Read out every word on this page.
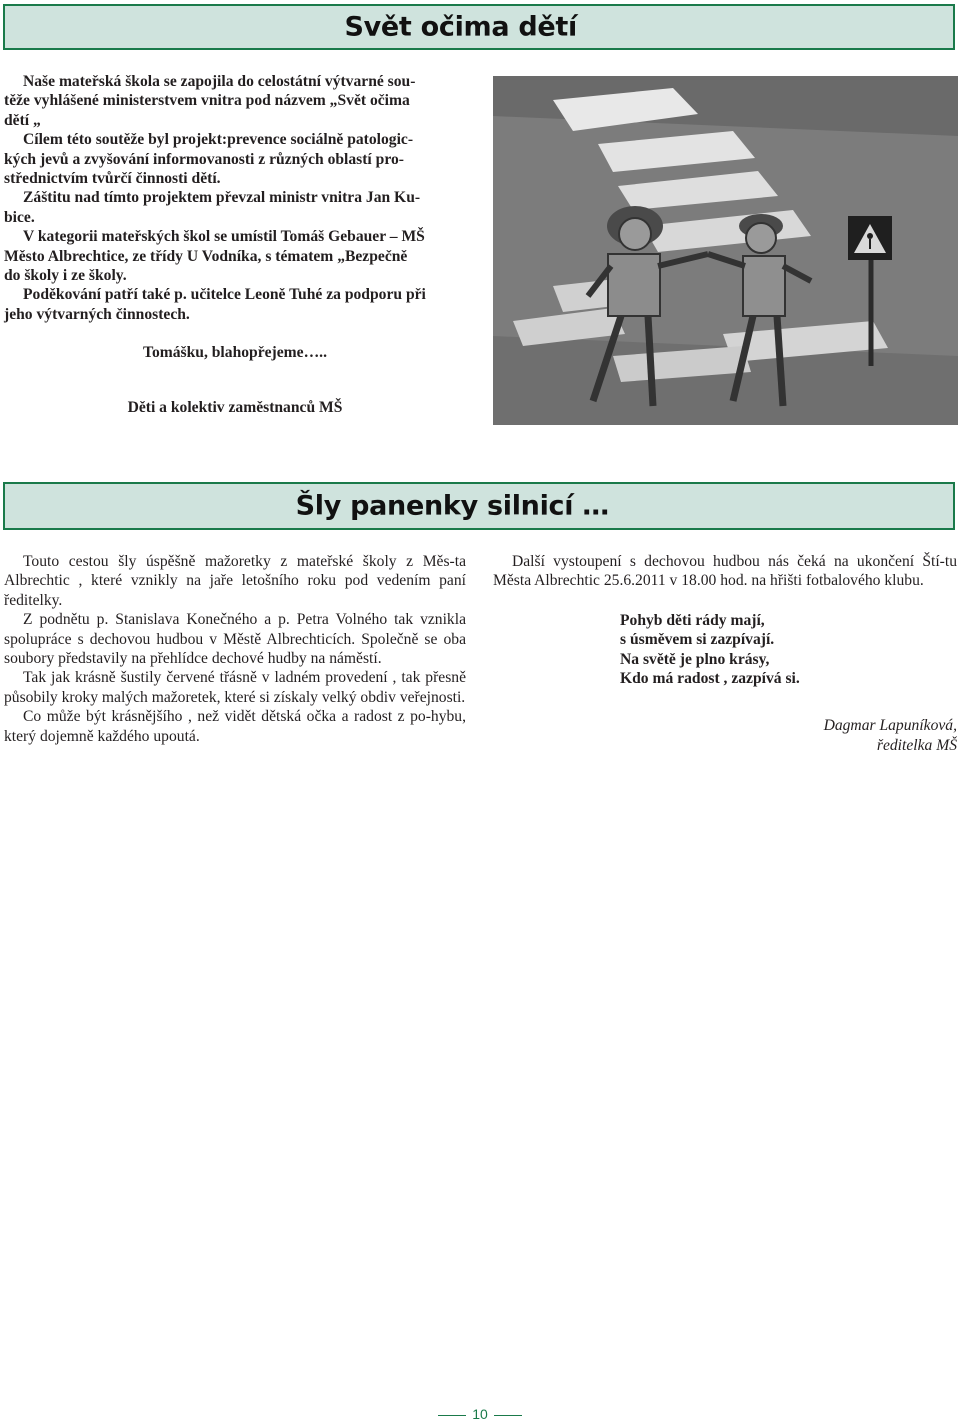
Svět očima dětí

Naše mateřská škola se zapojila do celostátní výtvarné sou-
těže vyhlášené ministerstvem vnitra pod názvem „Svět očima
dětí „

Cílem této soutěže byl projekt:prevence sociálně patologic-
kých jevů a zvyšování informovanosti z různých oblastí pro-
střednictvím tvůrčí činnosti dětí.

Záštitu nad tímto projektem převzal ministr vnitra Jan Ku-
bice.

V kategorii mateřských škol se umístil Tomáš Gebauer – MŠ
Město Albrechtice, ze třídy U Vodníka, s tématem „Bezpečně
do školy i ze školy.

Poděkování patří také p. učitelce Leoně Tuhé za podporu při
jeho výtvarných činnostech.

Tomášku, blahopřejeme…..

Děti a kolektiv zaměstnanců MŠ

Šly panenky silnicí …

Touto cestou šly úspěšně mažoretky z mateřské školy z Měs-ta Albrechtic , které vznikly na jaře letošního roku pod vedením paní ředitelky.

Z podnětu p. Stanislava Konečného a p. Petra Volného tak vznikla spolupráce s dechovou hudbou v Městě Albrechticích. Společně se oba soubory představily na přehlídce dechové hudby na náměstí.

Tak jak krásně šustily červené třásně v ladném provedení , tak přesně působily kroky malých mažoretek, které si získaly velký obdiv veřejnosti.

Co může být krásnějšího , než vidět dětská očka a radost z po-hybu, který dojemně každého upoutá.

Další vystoupení s dechovou hudbou nás čeká na ukončení Ští-tu Města Albrechtic 25.6.2011 v 18.00 hod. na hřišti fotbalového klubu.

Pohyb děti rády mají,
s úsměvem si zazpívají.
Na světě je plno krásy,
Kdo má radost , zazpívá si.

Dagmar Lapuníková,
ředitelka MŠ

10
